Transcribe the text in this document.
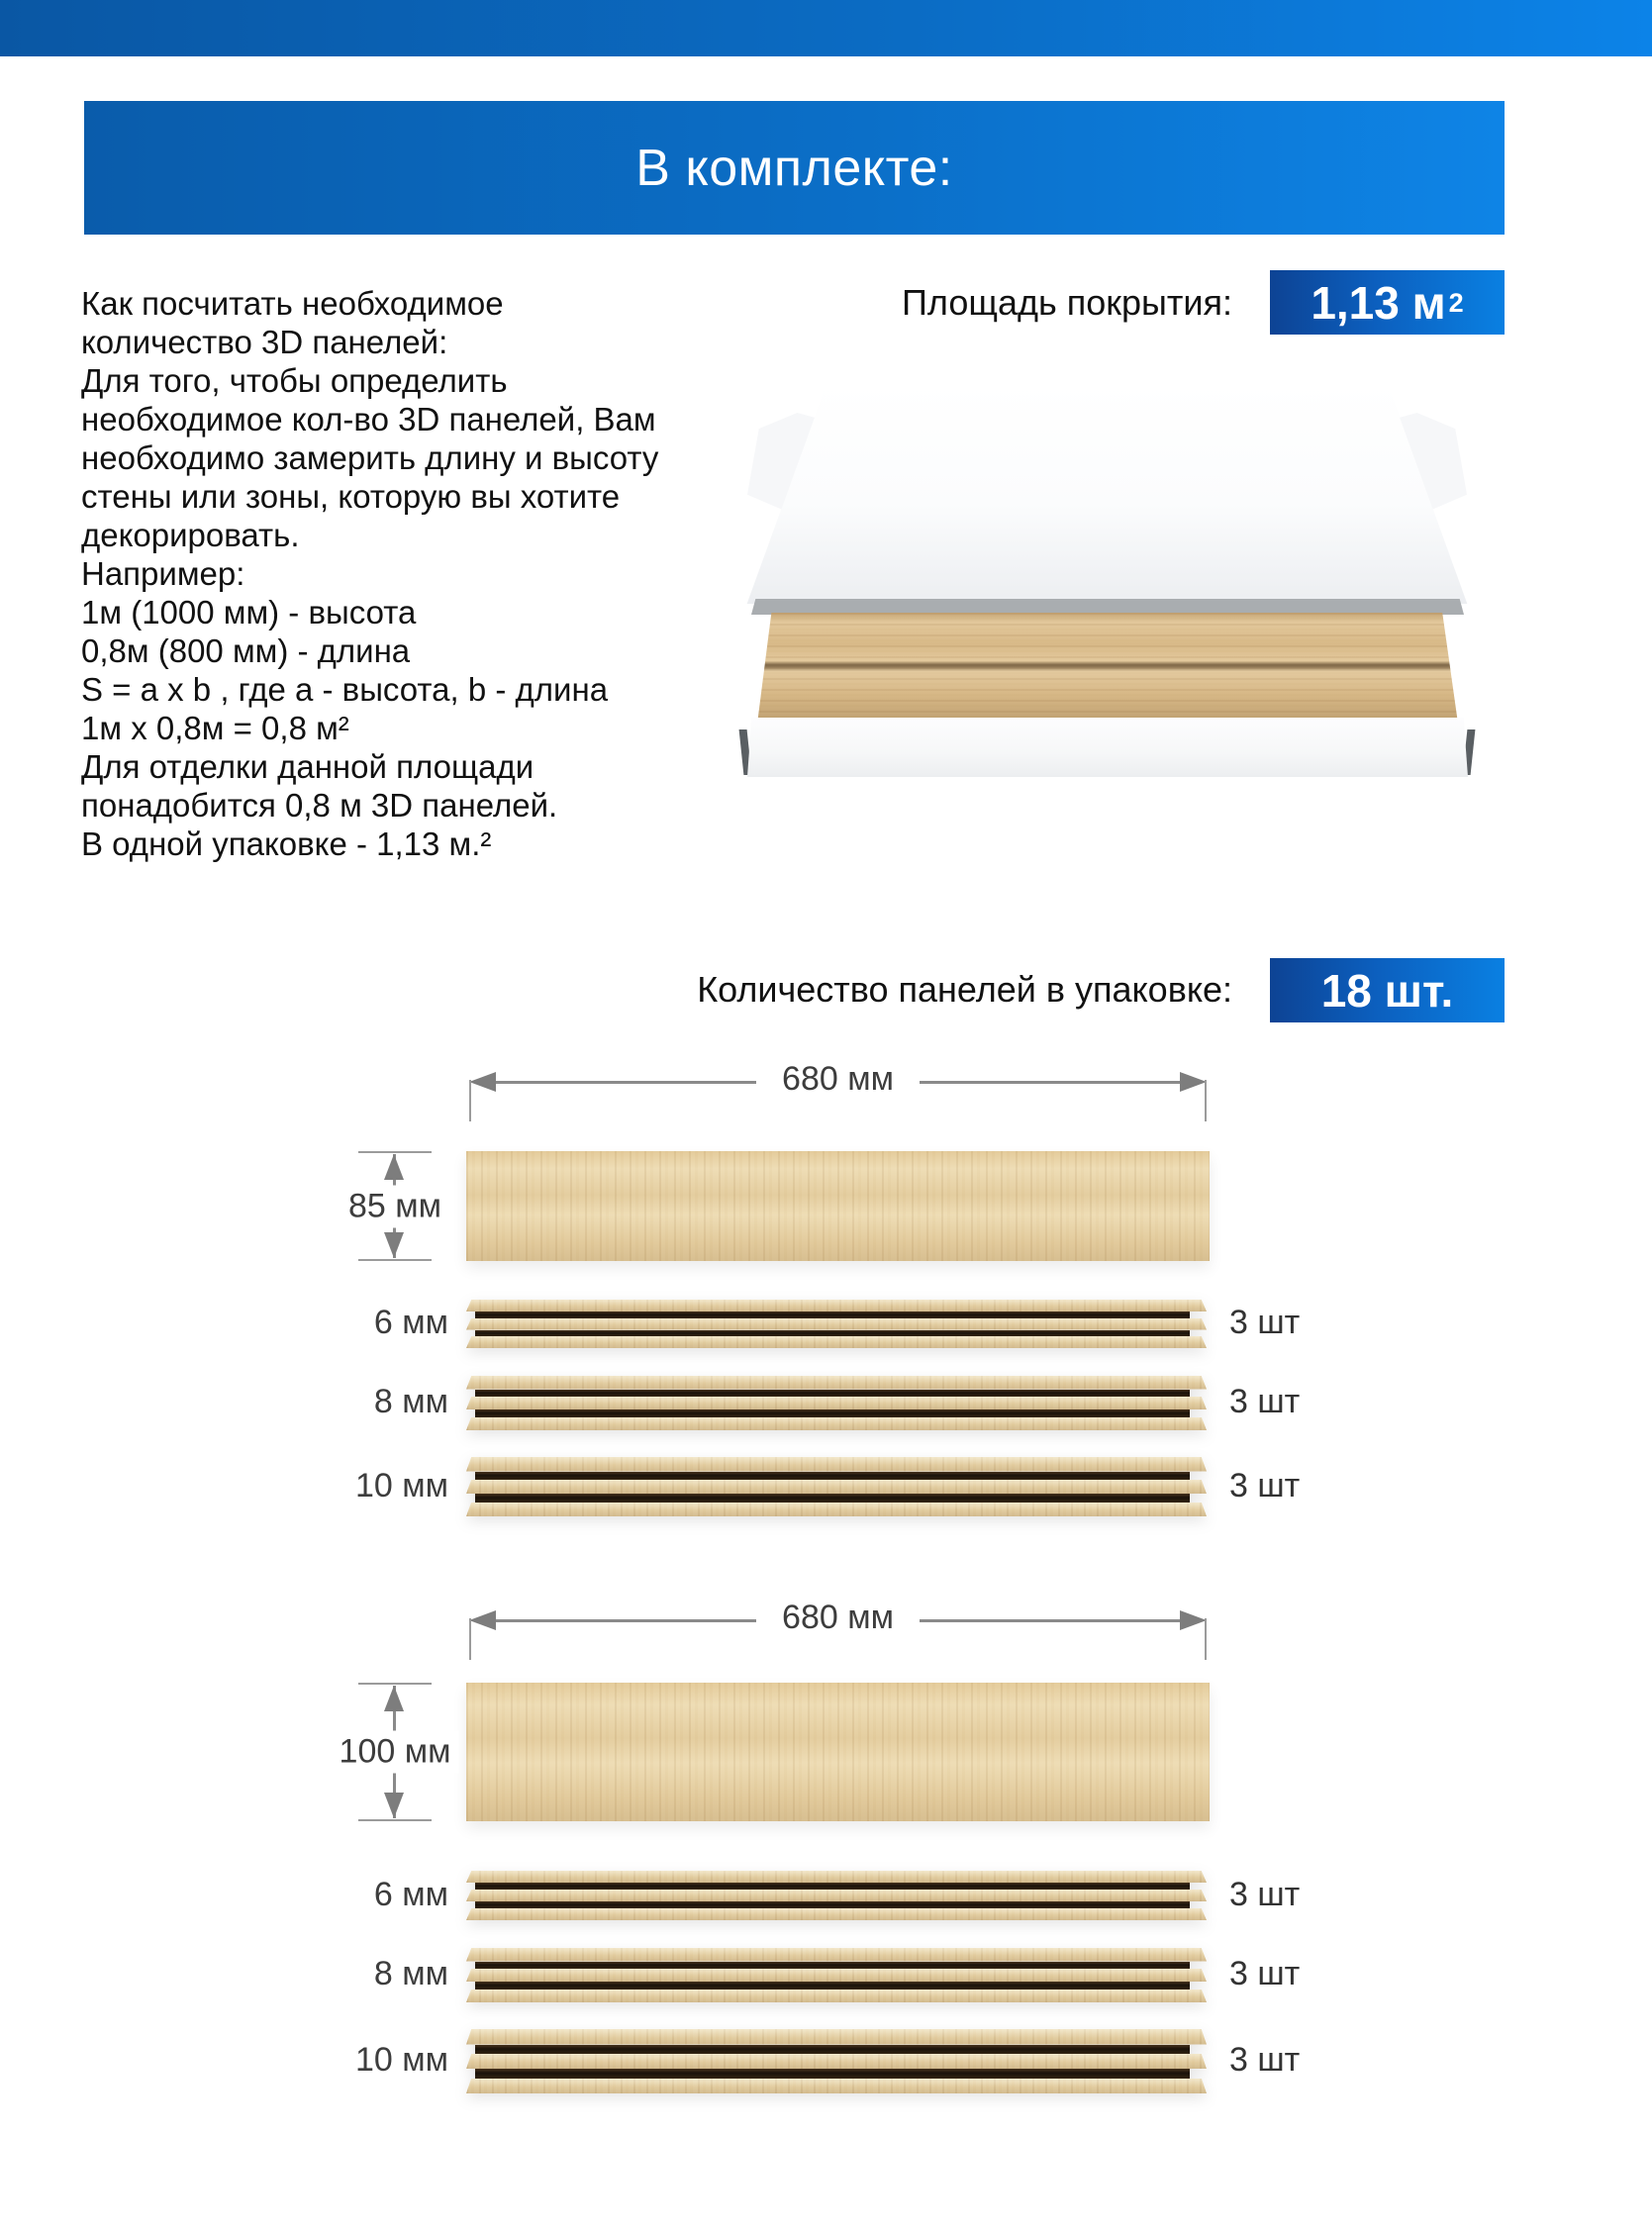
В комплекте:
Как посчитать необходимое
количество 3D панелей:
Для того, чтобы определить
необходимое кол-во 3D панелей, Вам
необходимо замерить длину и высоту
стены или зоны, которую вы хотите
декорировать.
Например:
1м (1000 мм) - высота
0,8м (800 мм) - длина
S = a x b , где a - высота, b - длина
1м x 0,8м = 0,8 м²
Для отделки данной площади
понадобится 0,8 м 3D панелей.
В одной упаковке - 1,13 м.²
Площадь покрытия: 1,13 м 2
Количество панелей в упаковке: 18 шт.
680 мм
85 мм
6 мм	3 шт
8 мм	3 шт
10 мм	3 шт
680 мм
100 мм
6 мм	3 шт
8 мм	3 шт
10 мм	3 шт
